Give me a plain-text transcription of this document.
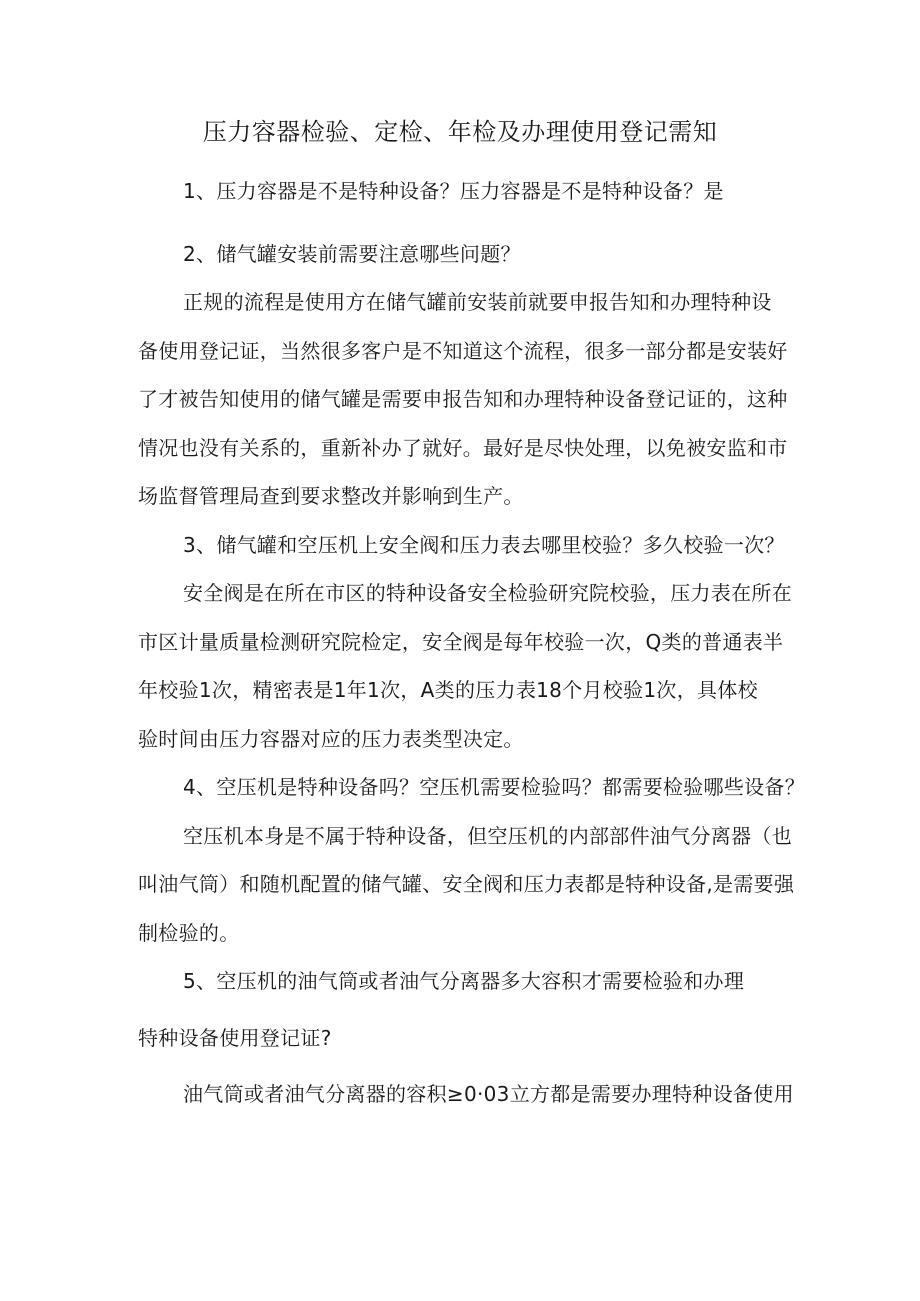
压力容器检验、定检、年检及办理使用登记需知
1、压力容器是不是特种设备？压力容器是不是特种设备？是
2、储气罐安装前需要注意哪些问题？
正规的流程是使用方在储气罐前安装前就要申报告知和办理特种设
备使用登记证，当然很多客户是不知道这个流程，很多一部分都是安装好
了才被告知使用的储气罐是需要申报告知和办理特种设备登记证的，这种
情况也没有关系的，重新补办了就好。最好是尽快处理，以免被安监和市
场监督管理局查到要求整改并影响到生产。
3、储气罐和空压机上安全阀和压力表去哪里校验？多久校验一次？
安全阀是在所在市区的特种设备安全检验研究院校验，压力表在所在
市区计量质量检测研究院检定，安全阀是每年校验一次，Q类的普通表半
年校验1次，精密表是1年1次，A类的压力表18个月校验1次，具体校
验时间由压力容器对应的压力表类型决定。
4、空压机是特种设备吗？空压机需要检验吗？都需要检验哪些设备？
空压机本身是不属于特种设备，但空压机的内部部件油气分离器（也
叫油气筒）和随机配置的储气罐、安全阀和压力表都是特种设备,是需要强
制检验的。
5、空压机的油气筒或者油气分离器多大容积才需要检验和办理
特种设备使用登记证?
油气筒或者油气分离器的容积≥0·03立方都是需要办理特种设备使用
